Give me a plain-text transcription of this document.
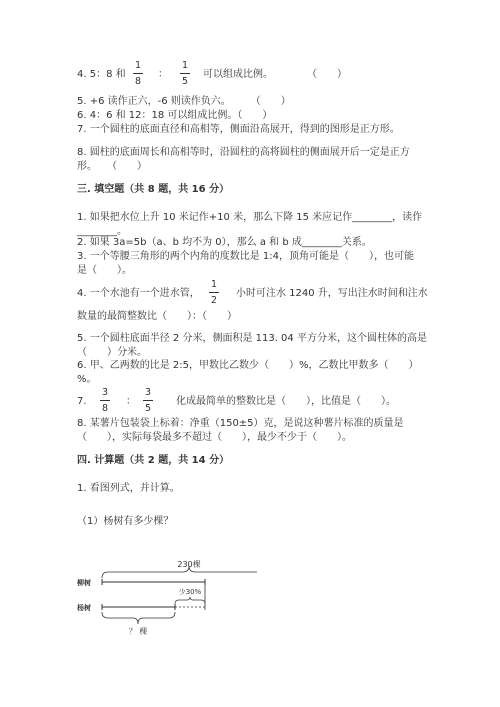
4. 5：8 和
1
8
：
1
5
可以组成比例。	（　　）
5. +6 读作正六，-6 则读作负六。　　　（　　）
6. 4：6 和 12：18 可以组成比例。（　　）
7. 一个圆柱的底面直径和高相等，侧面沿高展开，得到的图形是正方形。
8. 圆柱的底面周长和高相等时，沿圆柱的高将圆柱的侧面展开后一定是正方
形。　　（　　）
三. 填空题（共 8 题，共 16 分）
1. 如果把水位上升 10 米记作+10 米，那么下降 15 米应记作________，读作
________。
2. 如果 3a=5b（a、b 均不为 0），那么 a 和 b 成________关系。
3. 一个等腰三角形的两个内角的度数比是 1:4，顶角可能是（　　），也可能
是（　　）。
4. 一个水池有一个进水管，
1
2
小时可注水 1240 升，写出注水时间和注水
数量的最简整数比（　　）：（　　）
5. 一个圆柱底面半径 2 分米，侧面积是 113. 04 平方分米，这个圆柱体的高是
（　　）分米。
6. 甲、乙两数的比是 2:5，甲数比乙数少（　　）%，乙数比甲数多（　　）
%。
7.
3
8
：
3
5
化成最简单的整数比是（　　），比值是（　　）。
8. 某薯片包装袋上标着：净重（150±5）克，是说这种薯片标准的质量是
（　　），实际每袋最多不超过（　　），最少不少于（　　）。
四. 计算题（共 2 题，共 14 分）
1. 看图列式，并计算。
（1）杨树有多少棵？
230棵
柳树
杨树
少30%
？ 棵
